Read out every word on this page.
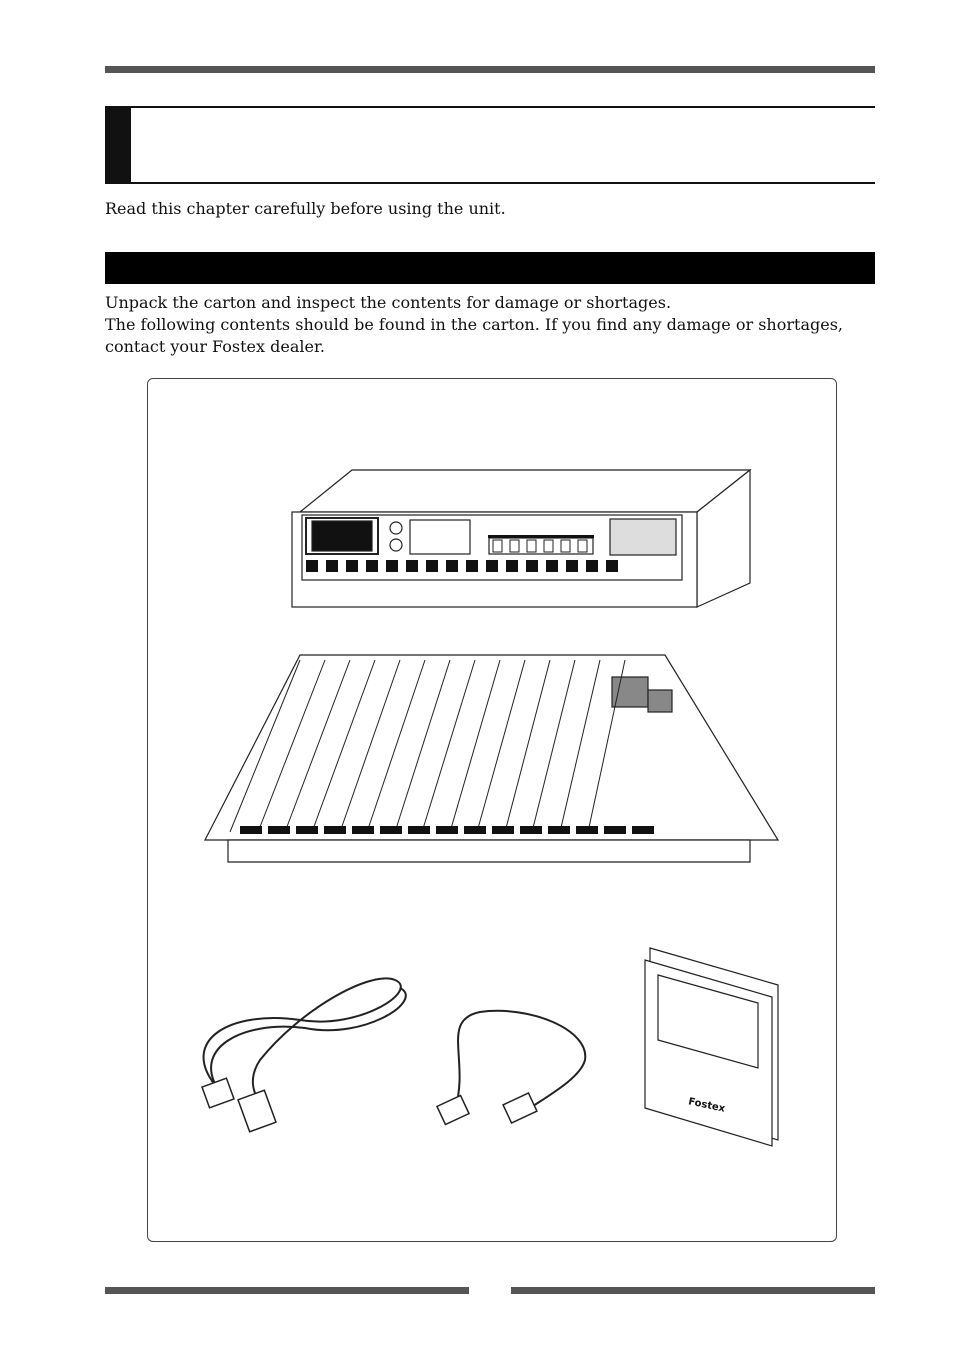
Read this chapter carefully before using the unit.
Unpack the carton and inspect the contents for damage or shortages.
The following contents should be found in the carton. If you find any damage or shortages,
contact your Fostex dealer.
Fostex
